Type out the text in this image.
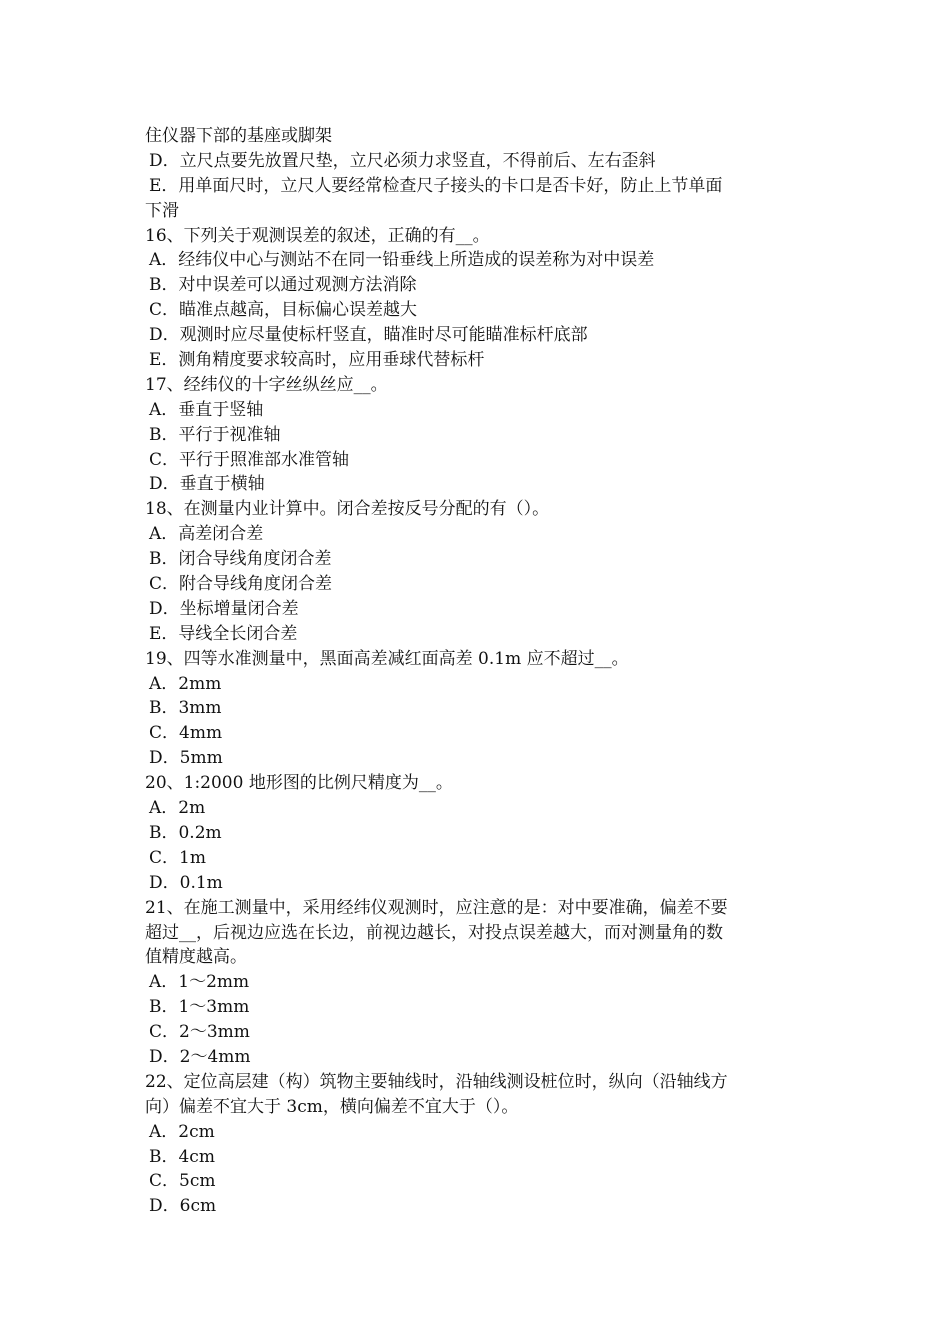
住仪器下部的基座或脚架
D．立尺点要先放置尺垫，立尺必须力求竖直，不得前后、左右歪斜
E．用单面尺时，立尺人要经常检查尺子接头的卡口是否卡好，防止上节单面
下滑
16、下列关于观测误差的叙述，正确的有__。
A．经纬仪中心与测站不在同一铅垂线上所造成的误差称为对中误差
B．对中误差可以通过观测方法消除
C．瞄准点越高，目标偏心误差越大
D．观测时应尽量使标杆竖直，瞄准时尽可能瞄准标杆底部
E．测角精度要求较高时，应用垂球代替标杆
17、经纬仪的十字丝纵丝应__。
A．垂直于竖轴
B．平行于视准轴
C．平行于照准部水准管轴
D．垂直于横轴
18、在测量内业计算中。闭合差按反号分配的有（）。
A．高差闭合差
B．闭合导线角度闭合差
C．附合导线角度闭合差
D．坐标增量闭合差
E．导线全长闭合差
19、四等水准测量中，黑面高差减红面高差 0.1m 应不超过__。
A．2mm
B．3mm
C．4mm
D．5mm
20、1:2000 地形图的比例尺精度为__。
A．2m
B．0.2m
C．1m
D．0.1m
21、在施工测量中，采用经纬仪观测时，应注意的是：对中要准确，偏差不要
超过__，后视边应选在长边，前视边越长，对投点误差越大，而对测量角的数
值精度越高。
A．1～2mm
B．1～3mm
C．2～3mm
D．2～4mm
22、定位高层建（构）筑物主要轴线时，沿轴线测设桩位时，纵向（沿轴线方
向）偏差不宜大于 3cm，横向偏差不宜大于（）。
A．2cm
B．4cm
C．5cm
D．6cm
